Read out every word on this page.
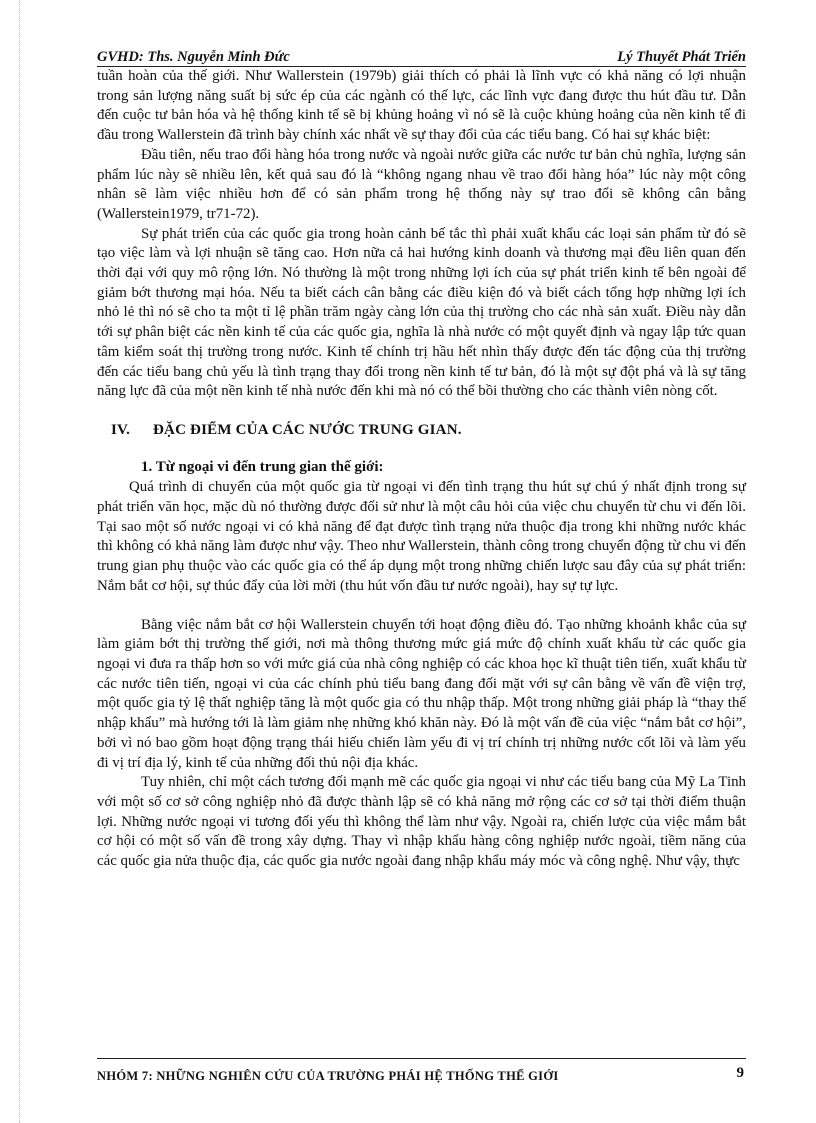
GVHD: Ths. Nguyễn Minh Đức	Lý Thuyết Phát Triển

tuần hoàn của thế giới. Như Wallerstein (1979b) giải thích có phải là lĩnh vực có khả năng có lợi nhuận trong sản lượng năng suất bị sức ép của các ngành có thế lực, các lĩnh vực đang được thu hút đầu tư. Dẫn đến cuộc tư bản hóa và hệ thống kinh tế sẽ bị khủng hoảng vì nó sẽ là cuộc khủng hoảng của nền kinh tế đi đầu trong Wallerstein đã trình bày chính xác nhất về sự thay đổi của các tiểu bang. Có hai sự khác biệt:

Đầu tiên, nếu trao đổi hàng hóa trong nước và ngoài nước giữa các nước tư bản chủ nghĩa, lượng sản phẩm lúc này sẽ nhiều lên, kết quả sau đó là “không ngang nhau về trao đổi hàng hóa” lúc này một công nhân sẽ làm việc nhiều hơn để có sản phẩm trong hệ thống này sự trao đổi sẽ không cân bằng (Wallerstein1979, tr71-72).

Sự phát triển của các quốc gia trong hoàn cảnh bế tắc thì phải xuất khẩu các loại sản phẩm từ đó sẽ tạo việc làm và lợi nhuận sẽ tăng cao. Hơn nữa cả hai hướng kinh doanh và thương mại đều liên quan đến thời đại với quy mô rộng lớn. Nó thường là một trong những lợi ích của sự phát triển kinh tế bên ngoài để giảm bớt thương mại hóa. Nếu ta biết cách cân bằng các điều kiện đó và biết cách tổng hợp những lợi ích nhỏ lẻ thì nó sẽ cho ta một tỉ lệ phần trăm ngày càng lớn của thị trường cho các nhà sản xuất. Điều này dẫn tới sự phân biệt các nền kinh tế của các quốc gia, nghĩa là nhà nước có một quyết định và ngay lập tức quan tâm kiểm soát thị trường trong nước. Kinh tế chính trị hầu hết nhìn thấy được đến tác động của thị trường đến các tiểu bang chủ yếu là tình trạng thay đổi trong nền kinh tế tư bản, đó là một sự đột phá và là sự tăng năng lực đã của một nền kinh tế nhà nước đến khi mà nó có thể bồi thường cho các thành viên nòng cốt.

IV. ĐẶC ĐIỂM CỦA CÁC NƯỚC TRUNG GIAN.
1. Từ ngoại vi đến trung gian thế giới:

Quá trình di chuyển của một quốc gia từ ngoại vi đến tình trạng thu hút sự chú ý nhất định trong sự phát triển văn học, mặc dù nó thường được đối sử như là một câu hỏi của việc chu chuyển từ chu vi đến lõi. Tại sao một số nước ngoại vi có khả năng để đạt được tình trạng nửa thuộc địa trong khi những nước khác thì không có khả năng làm được như vậy. Theo như Wallerstein, thành công trong chuyển động từ chu vi đến trung gian phụ thuộc vào các quốc gia có thể áp dụng một trong những chiến lược sau đây của sự phát triển: Nắm bắt cơ hội, sự thúc đẩy của lời mời (thu hút vốn đầu tư nước ngoài), hay sự tự lực.

Bằng việc nắm bắt cơ hội Wallerstein chuyển tới hoạt động điều đó. Tạo những khoảnh khắc của sự làm giảm bớt thị trường thế giới, nơi mà thông thương mức giá mức độ chính xuất khẩu từ các quốc gia ngoại vi đưa ra thấp hơn so với mức giá của nhà công nghiệp có các khoa học kĩ thuật tiên tiến, xuất khẩu từ các nước tiên tiến, ngoại vi của các chính phủ tiểu bang đang đối mặt với sự cân bằng về vấn đề viện trợ, một quốc gia tỷ lệ thất nghiệp tăng là một quốc gia có thu nhập thấp. Một trong những giải pháp là “thay thế nhập khẩu” mà hướng tới là làm giảm nhẹ những khó khăn này. Đó là một vấn đề của việc “nắm bắt cơ hội”, bởi vì nó bao gồm hoạt động trạng thái hiếu chiến làm yếu đi vị trí chính trị những nước cốt lõi và làm yếu đi vị trí địa lý, kinh tế của những đối thủ nội địa khác.

Tuy nhiên, chỉ một cách tương đối mạnh mẽ các quốc gia ngoại vi như các tiểu bang của Mỹ La Tinh với một số cơ sở công nghiệp nhỏ đã được thành lập sẽ có khả năng mở rộng các cơ sở tại thời điểm thuận lợi. Những nước ngoại vi tương đối yếu thì không thể làm như vậy. Ngoài ra, chiến lược của việc mắm bắt cơ hội có một số vấn đề trong xây dựng. Thay vì nhập khẩu hàng công nghiệp nước ngoài, tiềm năng của các quốc gia nửa thuộc địa, các quốc gia nước ngoài đang nhập khẩu máy móc và công nghệ. Như vậy, thực

NHÓM 7: NHỮNG NGHIÊN CỨU CỦA TRƯỜNG PHÁI HỆ THỐNG THẾ GIỚI	9
